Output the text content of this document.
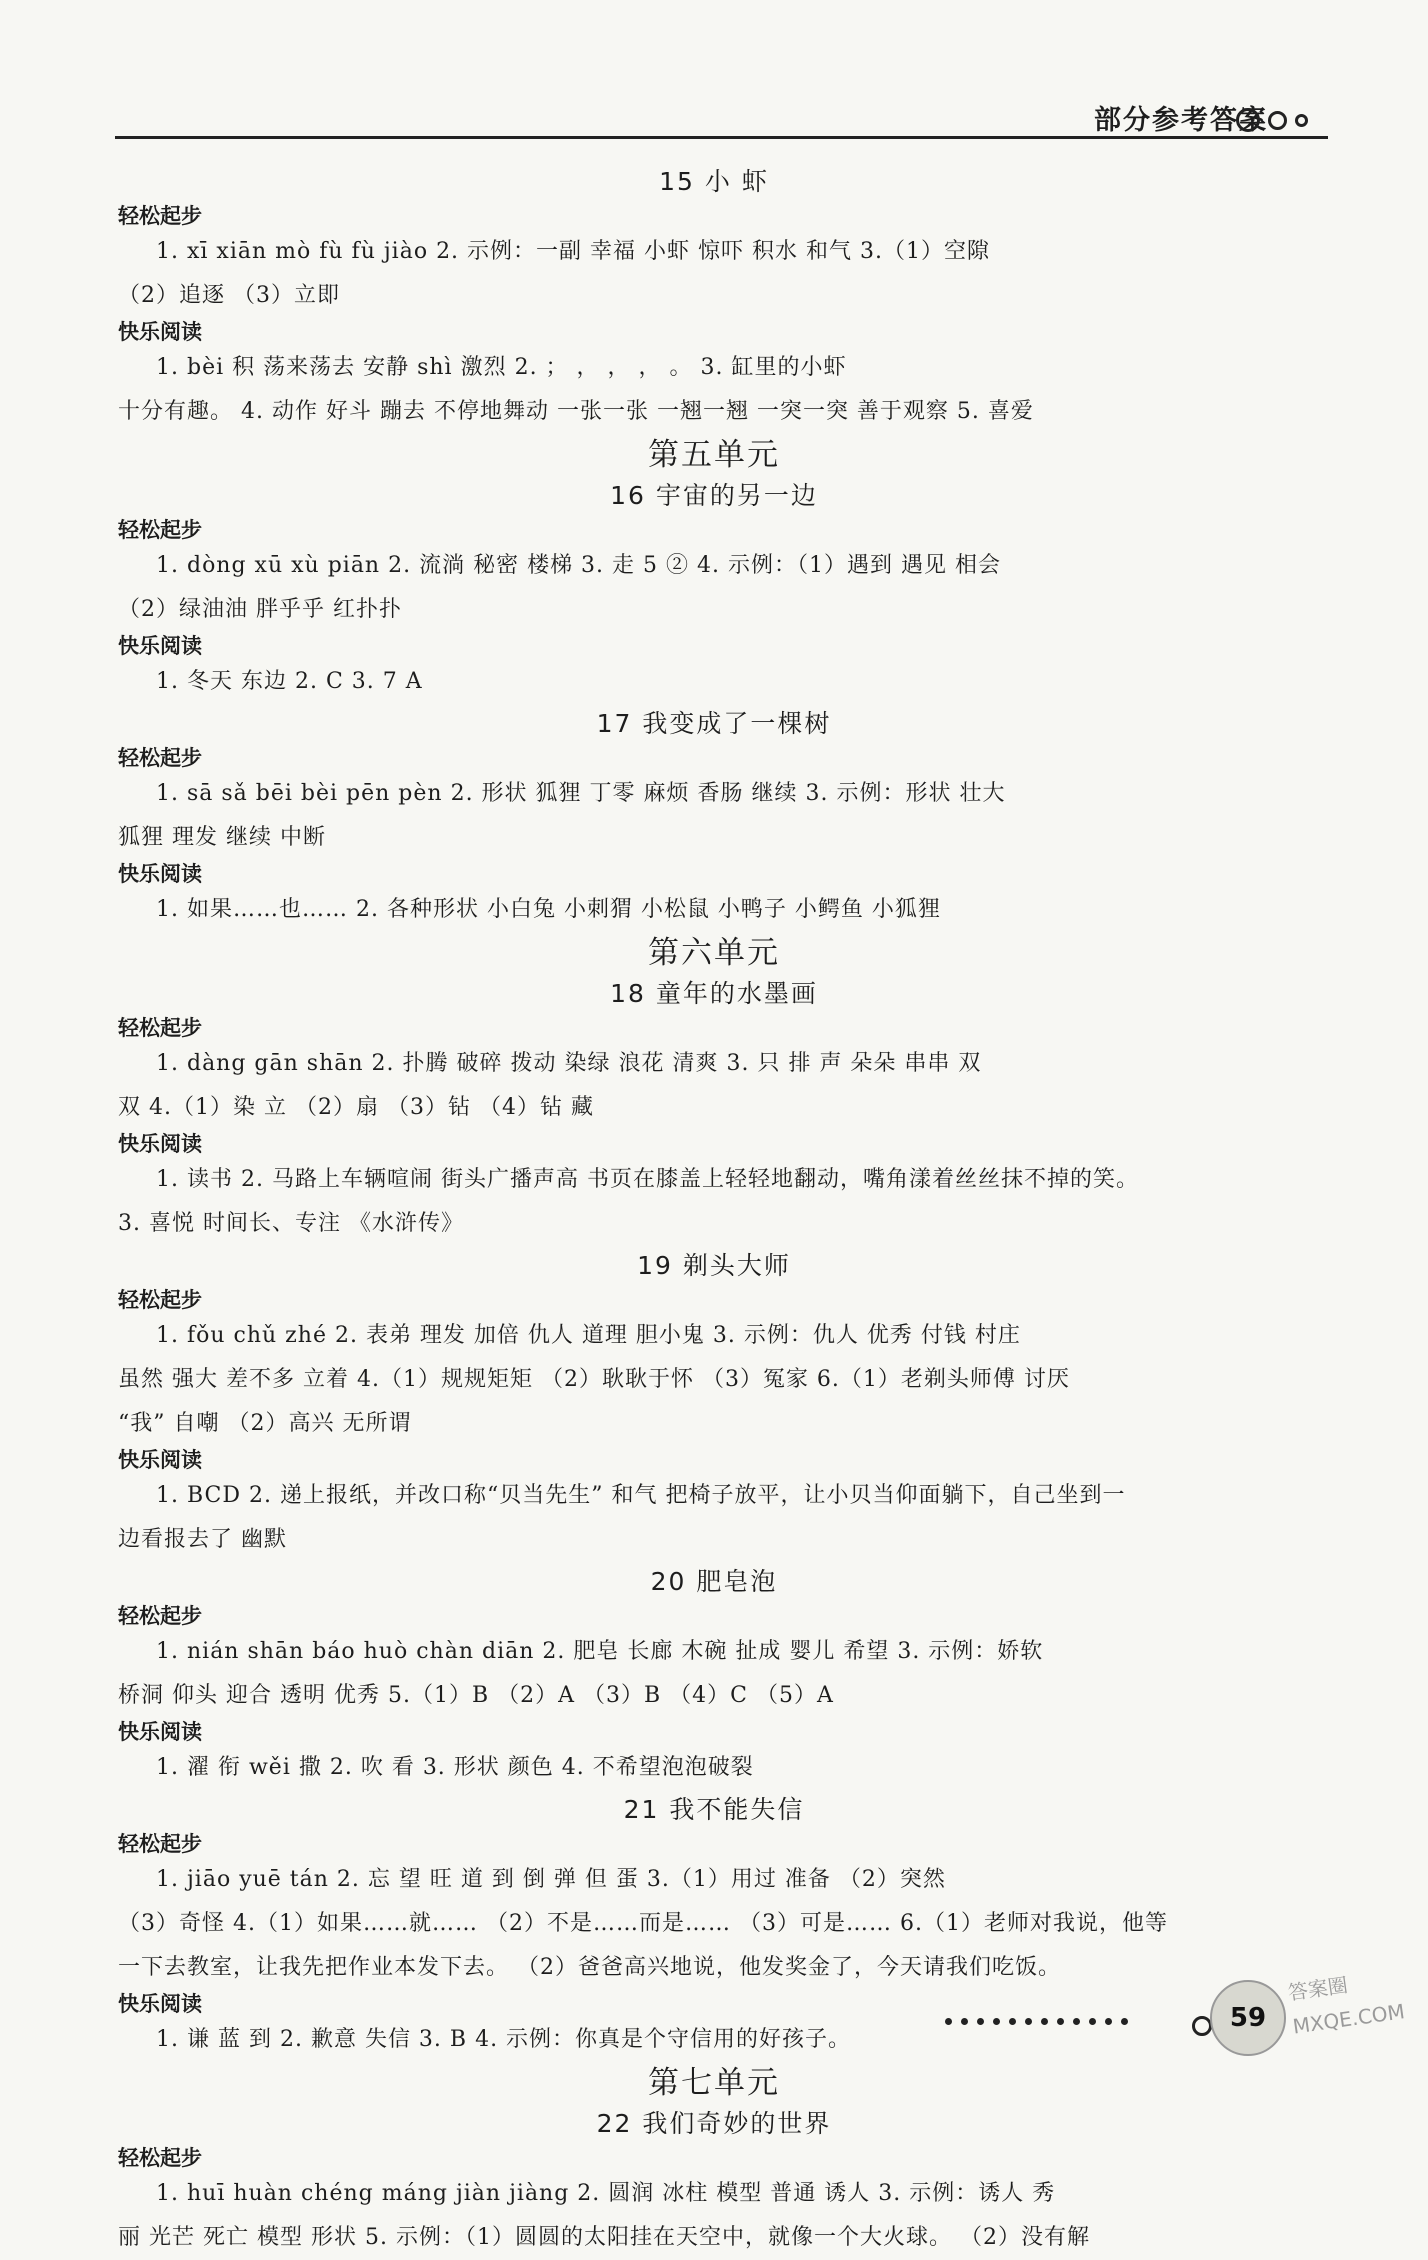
部分参考答案
15 小 虾
轻松起步
1. xī xiān mò fù fù jiào 2. 示例：一副 幸福 小虾 惊吓 积水 和气 3.（1）空隙
（2）追逐 （3）立即
快乐阅读
1. bèi 积 荡来荡去 安静 shì 激烈 2. ； ， ， ， 。 3. 缸里的小虾
十分有趣。 4. 动作 好斗 蹦去 不停地舞动 一张一张 一翘一翘 一突一突 善于观察 5. 喜爱
第五单元
16 宇宙的另一边
轻松起步
1. dòng xū xù piān 2. 流淌 秘密 楼梯 3. 走 5 ② 4. 示例：（1）遇到 遇见 相会
（2）绿油油 胖乎乎 红扑扑
快乐阅读
1. 冬天 东边 2. C 3. 7 A
17 我变成了一棵树
轻松起步
1. sā sǎ bēi bèi pēn pèn 2. 形状 狐狸 丁零 麻烦 香肠 继续 3. 示例：形状 壮大
狐狸 理发 继续 中断
快乐阅读
1. 如果……也…… 2. 各种形状 小白兔 小刺猬 小松鼠 小鸭子 小鳄鱼 小狐狸
第六单元
18 童年的水墨画
轻松起步
1. dàng gān shān 2. 扑腾 破碎 拨动 染绿 浪花 清爽 3. 只 排 声 朵朵 串串 双
双 4.（1）染 立 （2）扇 （3）钻 （4）钻 藏
快乐阅读
1. 读书 2. 马路上车辆喧闹 街头广播声高 书页在膝盖上轻轻地翻动，嘴角漾着丝丝抹不掉的笑。
3. 喜悦 时间长、专注 《水浒传》
19 剃头大师
轻松起步
1. fǒu chǔ zhé 2. 表弟 理发 加倍 仇人 道理 胆小鬼 3. 示例：仇人 优秀 付钱 村庄
虽然 强大 差不多 立着 4.（1）规规矩矩 （2）耿耿于怀 （3）冤家 6.（1）老剃头师傅 讨厌
“我” 自嘲 （2）高兴 无所谓
快乐阅读
1. BCD 2. 递上报纸，并改口称“贝当先生” 和气 把椅子放平，让小贝当仰面躺下，自己坐到一
边看报去了 幽默
20 肥皂泡
轻松起步
1. nián shān báo huò chàn diān 2. 肥皂 长廊 木碗 扯成 婴儿 希望 3. 示例：娇软
桥洞 仰头 迎合 透明 优秀 5.（1）B （2）A （3）B （4）C （5）A
快乐阅读
1. 濯 衔 wěi 撒 2. 吹 看 3. 形状 颜色 4. 不希望泡泡破裂
21 我不能失信
轻松起步
1. jiāo yuē tán 2. 忘 望 旺 道 到 倒 弹 但 蛋 3.（1）用过 准备 （2）突然
（3）奇怪 4.（1）如果……就…… （2）不是……而是…… （3）可是…… 6.（1）老师对我说，他等
一下去教室，让我先把作业本发下去。 （2）爸爸高兴地说，他发奖金了，今天请我们吃饭。
快乐阅读
1. 谦 蓝 到 2. 歉意 失信 3. B 4. 示例：你真是个守信用的好孩子。
第七单元
22 我们奇妙的世界
轻松起步
1. huī huàn chéng máng jiàn jiàng 2. 圆润 冰柱 模型 普通 诱人 3. 示例：诱人 秀
丽 光芒 死亡 模型 形状 5. 示例：（1）圆圆的太阳挂在天空中，就像一个大火球。 （2）没有解
59
答案圈
MXQE.COM
